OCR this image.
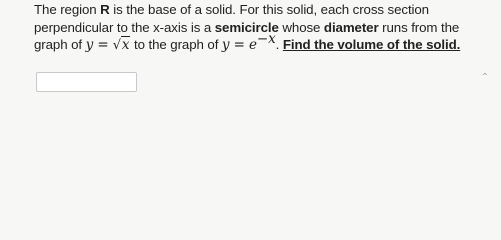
The region R is the base of a solid. For this solid, each cross section
perpendicular to the x-axis is a semicircle whose diameter runs from the
graph of y = √x to the graph of $y = e^{-x}$. Find the volume of the solid.
⌃
